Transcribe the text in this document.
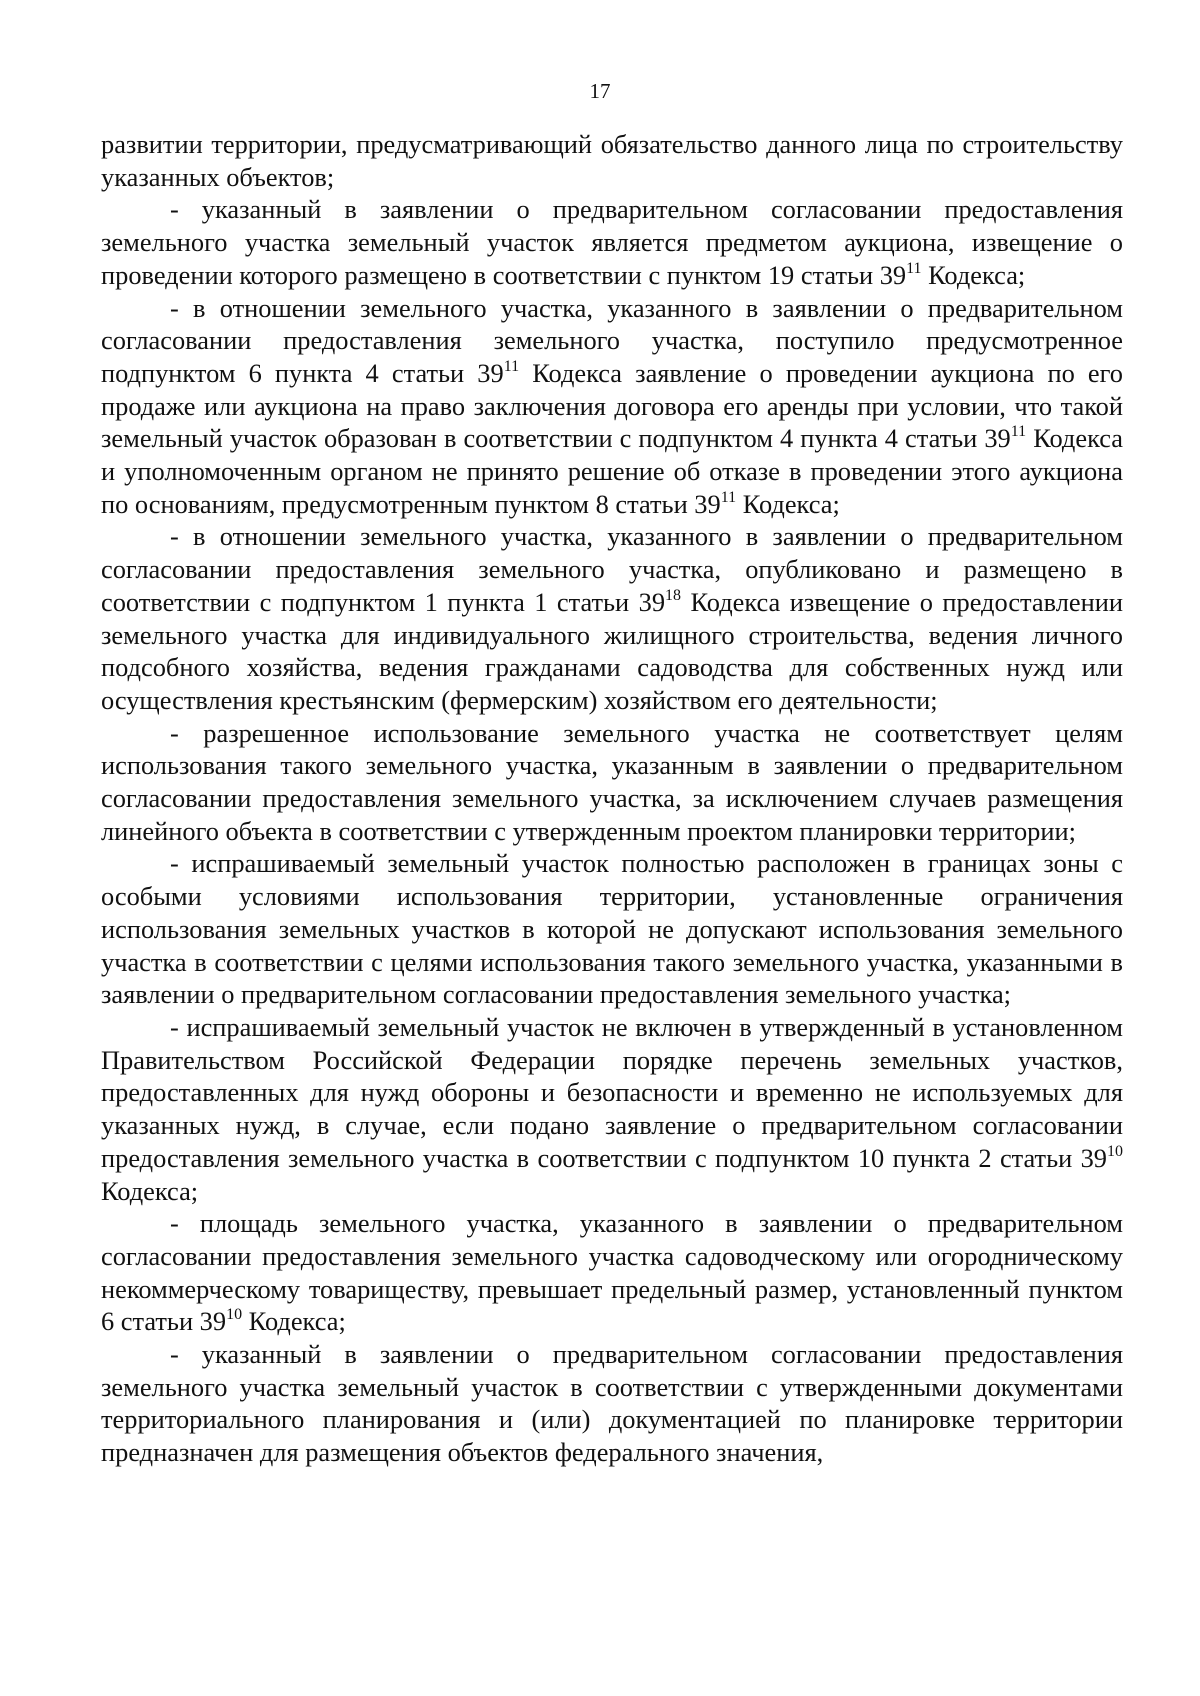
17

развитии территории, предусматривающий обязательство данного лица по строительству указанных объектов;

- указанный в заявлении о предварительном согласовании предоставления земельного участка земельный участок является предметом аукциона, извещение о проведении которого размещено в соответствии с пунктом 19 статьи $39^{11}$ Кодекса;

- в отношении земельного участка, указанного в заявлении о предварительном согласовании предоставления земельного участка, поступило предусмотренное подпунктом 6 пункта 4 статьи $39^{11}$ Кодекса заявление о проведении аукциона по его продаже или аукциона на право заключения договора его аренды при условии, что такой земельный участок образован в соответствии с подпунктом 4 пункта 4 статьи $39^{11}$ Кодекса и уполномоченным органом не принято решение об отказе в проведении этого аукциона по основаниям, предусмотренным пунктом 8 статьи $39^{11}$ Кодекса;

- в отношении земельного участка, указанного в заявлении о предварительном согласовании предоставления земельного участка, опубликовано и размещено в соответствии с подпунктом 1 пункта 1 статьи $39^{18}$ Кодекса извещение о предоставлении земельного участка для индивидуального жилищного строительства, ведения личного подсобного хозяйства, ведения гражданами садоводства для собственных нужд или осуществления крестьянским (фермерским) хозяйством его деятельности;

- разрешенное использование земельного участка не соответствует целям использования такого земельного участка, указанным в заявлении о предварительном согласовании предоставления земельного участка, за исключением случаев размещения линейного объекта в соответствии с утвержденным проектом планировки территории;

- испрашиваемый земельный участок полностью расположен в границах зоны с особыми условиями использования территории, установленные ограничения использования земельных участков в которой не допускают использования земельного участка в соответствии с целями использования такого земельного участка, указанными в заявлении о предварительном согласовании предоставления земельного участка;

- испрашиваемый земельный участок не включен в утвержденный в установленном Правительством Российской Федерации порядке перечень земельных участков, предоставленных для нужд обороны и безопасности и временно не используемых для указанных нужд, в случае, если подано заявление о предварительном согласовании предоставления земельного участка в соответствии с подпунктом 10 пункта 2 статьи $39^{10}$ Кодекса;

- площадь земельного участка, указанного в заявлении о предварительном согласовании предоставления земельного участка садоводческому или огородническому некоммерческому товариществу, превышает предельный размер, установленный пунктом 6 статьи $39^{10}$ Кодекса;

- указанный в заявлении о предварительном согласовании предоставления земельного участка земельный участок в соответствии с утвержденными документами территориального планирования и (или) документацией по планировке территории предназначен для размещения объектов федерального значения,
